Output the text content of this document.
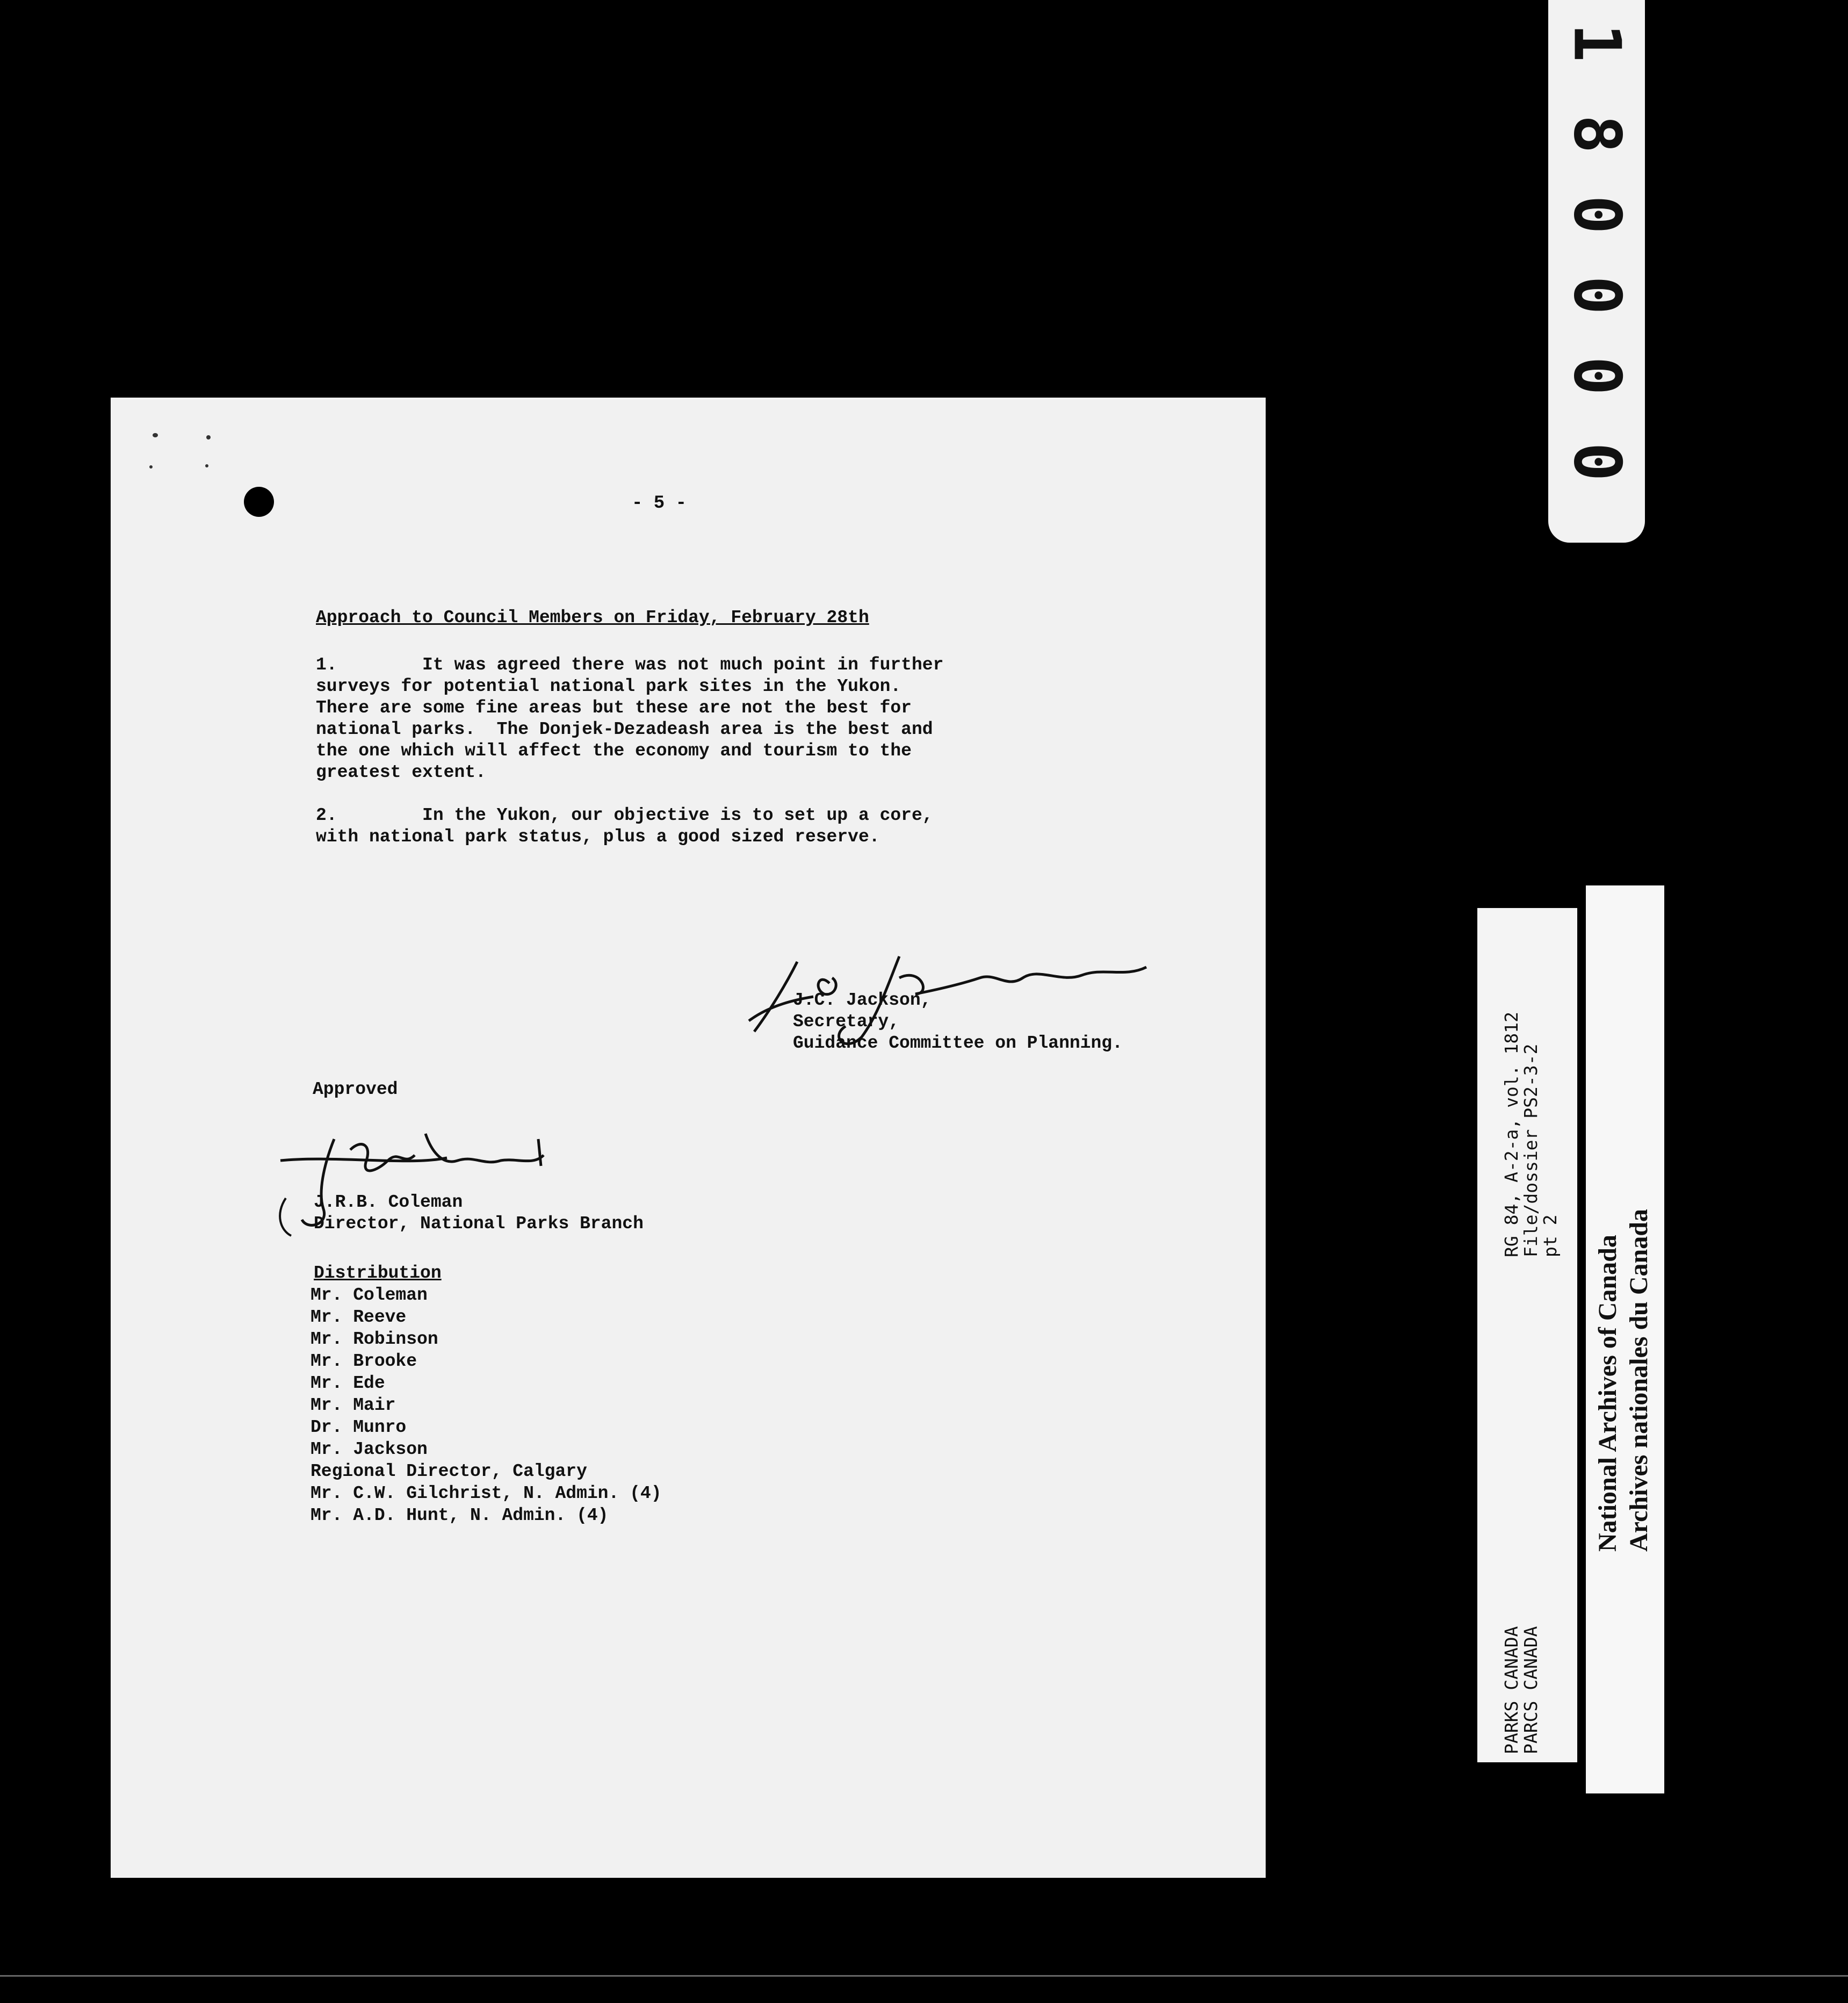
0
0
0
0
8
1
- 5 -
Approach to Council Members on Friday, February 28th
1.        It was agreed there was not much point in further
surveys for potential national park sites in the Yukon.
There are some fine areas but these are not the best for
national parks.  The Donjek-Dezadeash area is the best and
the one which will affect the economy and tourism to the
greatest extent.
2.        In the Yukon, our objective is to set up a core,
with national park status, plus a good sized reserve.
J.C. Jackson,
Secretary,
Guidance Committee on Planning.
Approved
J.R.B. Coleman
Director, National Parks Branch
Distribution
Mr. Coleman
Mr. Reeve
Mr. Robinson
Mr. Brooke
Mr. Ede
Mr. Mair
Dr. Munro
Mr. Jackson
Regional Director, Calgary
Mr. C.W. Gilchrist, N. Admin. (4)
Mr. A.D. Hunt, N. Admin. (4)
RG 84, A-2-a, vol. 1812
File/dossier PS2-3-2
pt 2
PARKS CANADA
PARCS CANADA
National Archives of Canada Archives nationales du Canada
